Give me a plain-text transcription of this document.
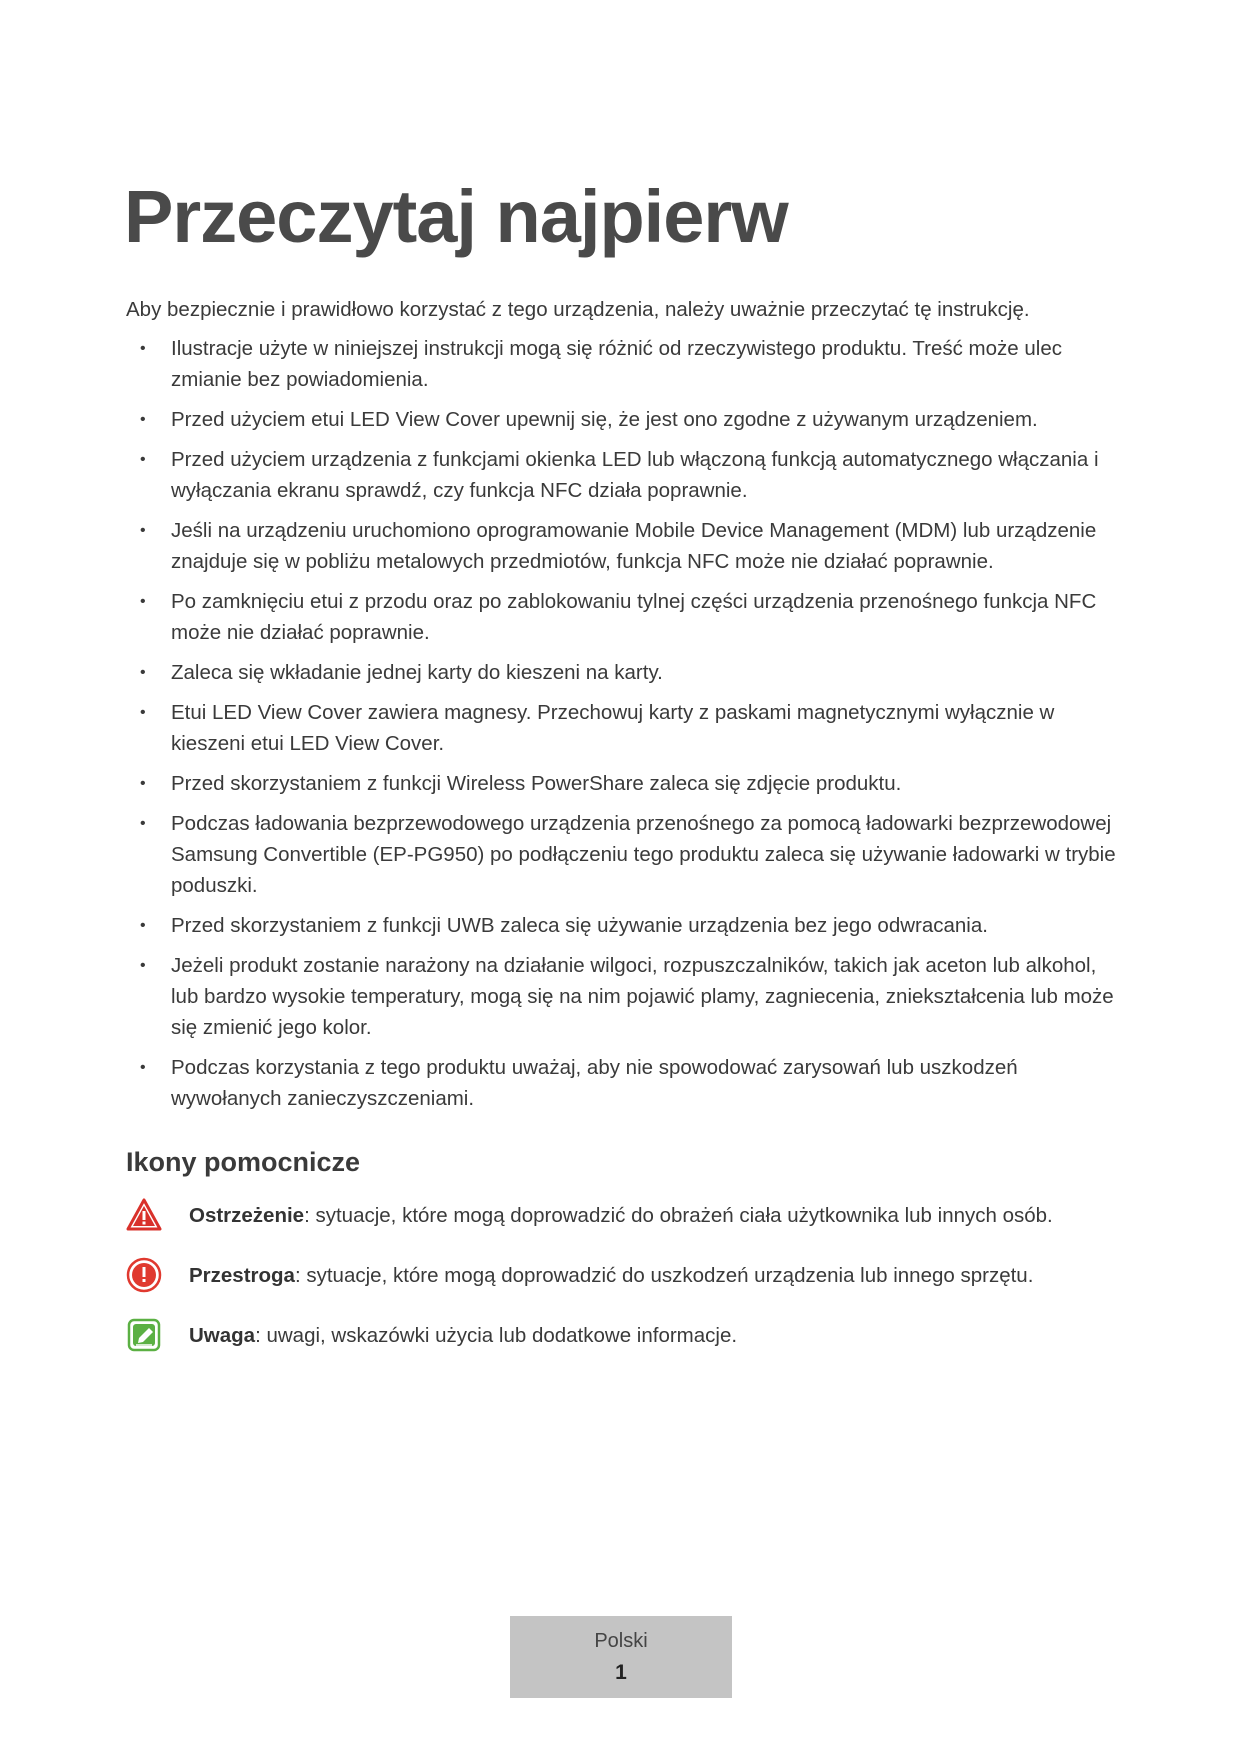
Przeczytaj najpierw

Aby bezpiecznie i prawidłowo korzystać z tego urządzenia, należy uważnie przeczytać tę instrukcję.

• Ilustracje użyte w niniejszej instrukcji mogą się różnić od rzeczywistego produktu. Treść może ulec zmianie bez powiadomienia.
• Przed użyciem etui LED View Cover upewnij się, że jest ono zgodne z używanym urządzeniem.
• Przed użyciem urządzenia z funkcjami okienka LED lub włączoną funkcją automatycznego włączania i wyłączania ekranu sprawdź, czy funkcja NFC działa poprawnie.
• Jeśli na urządzeniu uruchomiono oprogramowanie Mobile Device Management (MDM) lub urządzenie znajduje się w pobliżu metalowych przedmiotów, funkcja NFC może nie działać poprawnie.
• Po zamknięciu etui z przodu oraz po zablokowaniu tylnej części urządzenia przenośnego funkcja NFC może nie działać poprawnie.
• Zaleca się wkładanie jednej karty do kieszeni na karty.
• Etui LED View Cover zawiera magnesy. Przechowuj karty z paskami magnetycznymi wyłącznie w kieszeni etui LED View Cover.
• Przed skorzystaniem z funkcji Wireless PowerShare zaleca się zdjęcie produktu.
• Podczas ładowania bezprzewodowego urządzenia przenośnego za pomocą ładowarki bezprzewodowej Samsung Convertible (EP-PG950) po podłączeniu tego produktu zaleca się używanie ładowarki w trybie poduszki.
• Przed skorzystaniem z funkcji UWB zaleca się używanie urządzenia bez jego odwracania.
• Jeżeli produkt zostanie narażony na działanie wilgoci, rozpuszczalników, takich jak aceton lub alkohol, lub bardzo wysokie temperatury, mogą się na nim pojawić plamy, zagniecenia, zniekształcenia lub może się zmienić jego kolor.
• Podczas korzystania z tego produktu uważaj, aby nie spowodować zarysowań lub uszkodzeń wywołanych zanieczyszczeniami.
Ikony pomocnicze
Ostrzeżenie: sytuacje, które mogą doprowadzić do obrażeń ciała użytkownika lub innych osób.
Przestroga: sytuacje, które mogą doprowadzić do uszkodzeń urządzenia lub innego sprzętu.
Uwaga: uwagi, wskazówki użycia lub dodatkowe informacje.
Polski
1
